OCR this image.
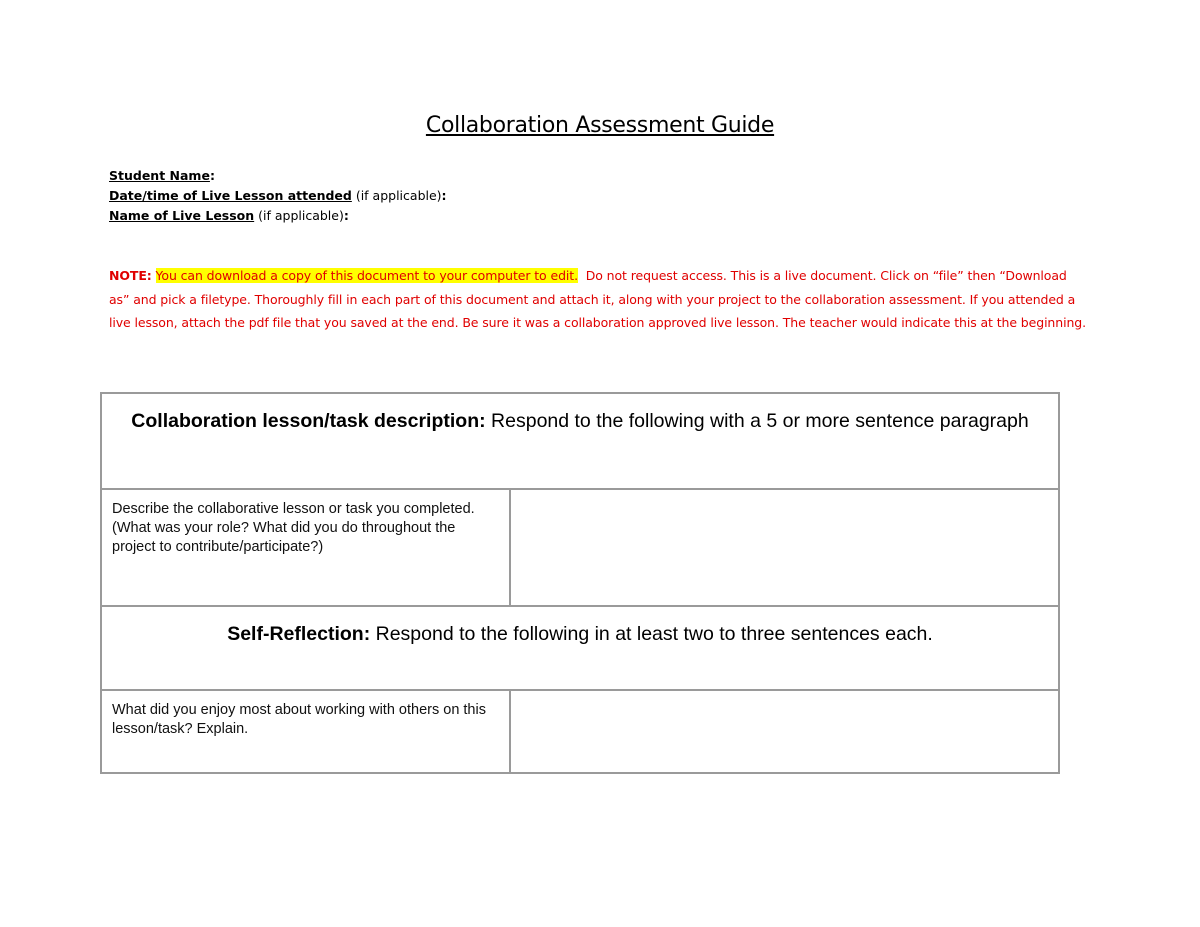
Collaboration Assessment Guide
Student Name:
Date/time of Live Lesson attended (if applicable):
Name of Live Lesson (if applicable):
NOTE: You can download a copy of this document to your computer to edit. Do not request access. This is a live document. Click on “file” then “Download as” and pick a filetype. Thoroughly fill in each part of this document and attach it, along with your project to the collaboration assessment. If you attended a live lesson, attach the pdf file that you saved at the end. Be sure it was a collaboration approved live lesson. The teacher would indicate this at the beginning.
Collaboration lesson/task description: Respond to the following with a 5 or more sentence paragraph
Describe the collaborative lesson or task you completed. (What was your role? What did you do throughout the project to contribute/participate?)
Self-Reflection: Respond to the following in at least two to three sentences each.
What did you enjoy most about working with others on this lesson/task? Explain.
